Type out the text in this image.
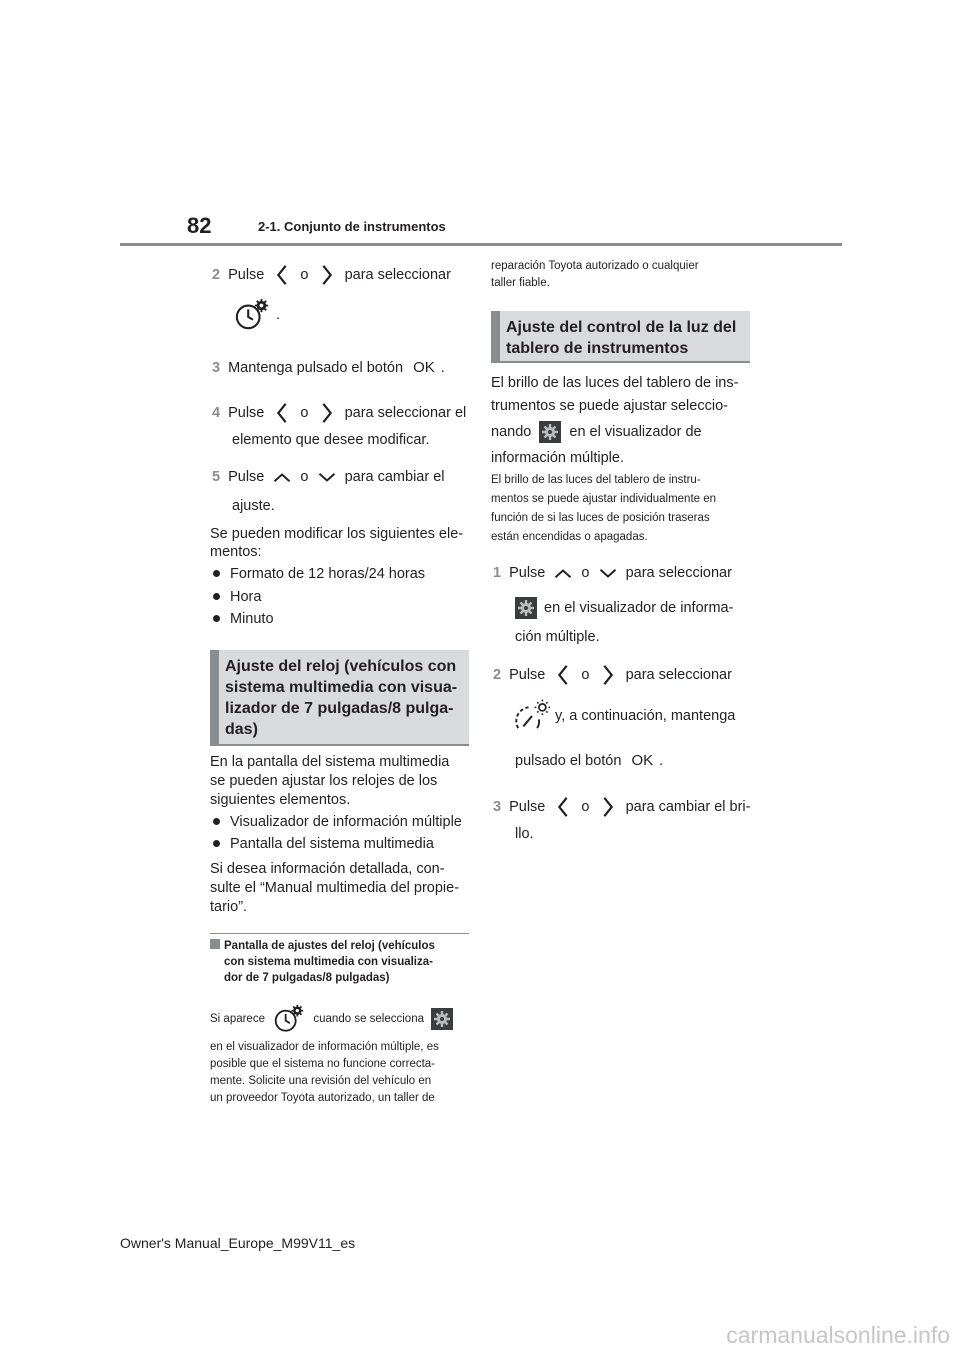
82	2-1. Conjunto de instrumentos
2 Pulse o para seleccionar
.
3 Mantenga pulsado el botón OK .
4 Pulse o para seleccionar el
elemento que desee modificar.
5 Pulse o para cambiar el
ajuste.
Se pueden modificar los siguientes ele-
mentos:
Formato de 12 horas/24 horas
Hora
Minuto
Ajuste del reloj (vehículos con
sistema multimedia con visua-
lizador de 7 pulgadas/8 pulga-
das)
En la pantalla del sistema multimedia
se pueden ajustar los relojes de los
siguientes elementos.
Visualizador de información múltiple
Pantalla del sistema multimedia
Si desea información detallada, con-
sulte el “Manual multimedia del propie-
tario”.
Pantalla de ajustes del reloj (vehículos
con sistema multimedia con visualiza-
dor de 7 pulgadas/8 pulgadas)
Si aparece	cuando se selecciona
en el visualizador de información múltiple, es
posible que el sistema no funcione correcta-
mente. Solicite una revisión del vehículo en
un proveedor Toyota autorizado, un taller de
reparación Toyota autorizado o cualquier
taller fiable.
Ajuste del control de la luz del
tablero de instrumentos
El brillo de las luces del tablero de ins-
trumentos se puede ajustar seleccio-
nando	en el visualizador de
información múltiple.
El brillo de las luces del tablero de instru-
mentos se puede ajustar individualmente en
función de si las luces de posición traseras
están encendidas o apagadas.
1 Pulse o para seleccionar
en el visualizador de informa-
ción múltiple.
2 Pulse o para seleccionar
y, a continuación, mantenga
pulsado el botón OK .
3 Pulse o para cambiar el bri-
llo.
Owner's Manual_Europe_M99V11_es
carmanualsonline.info
